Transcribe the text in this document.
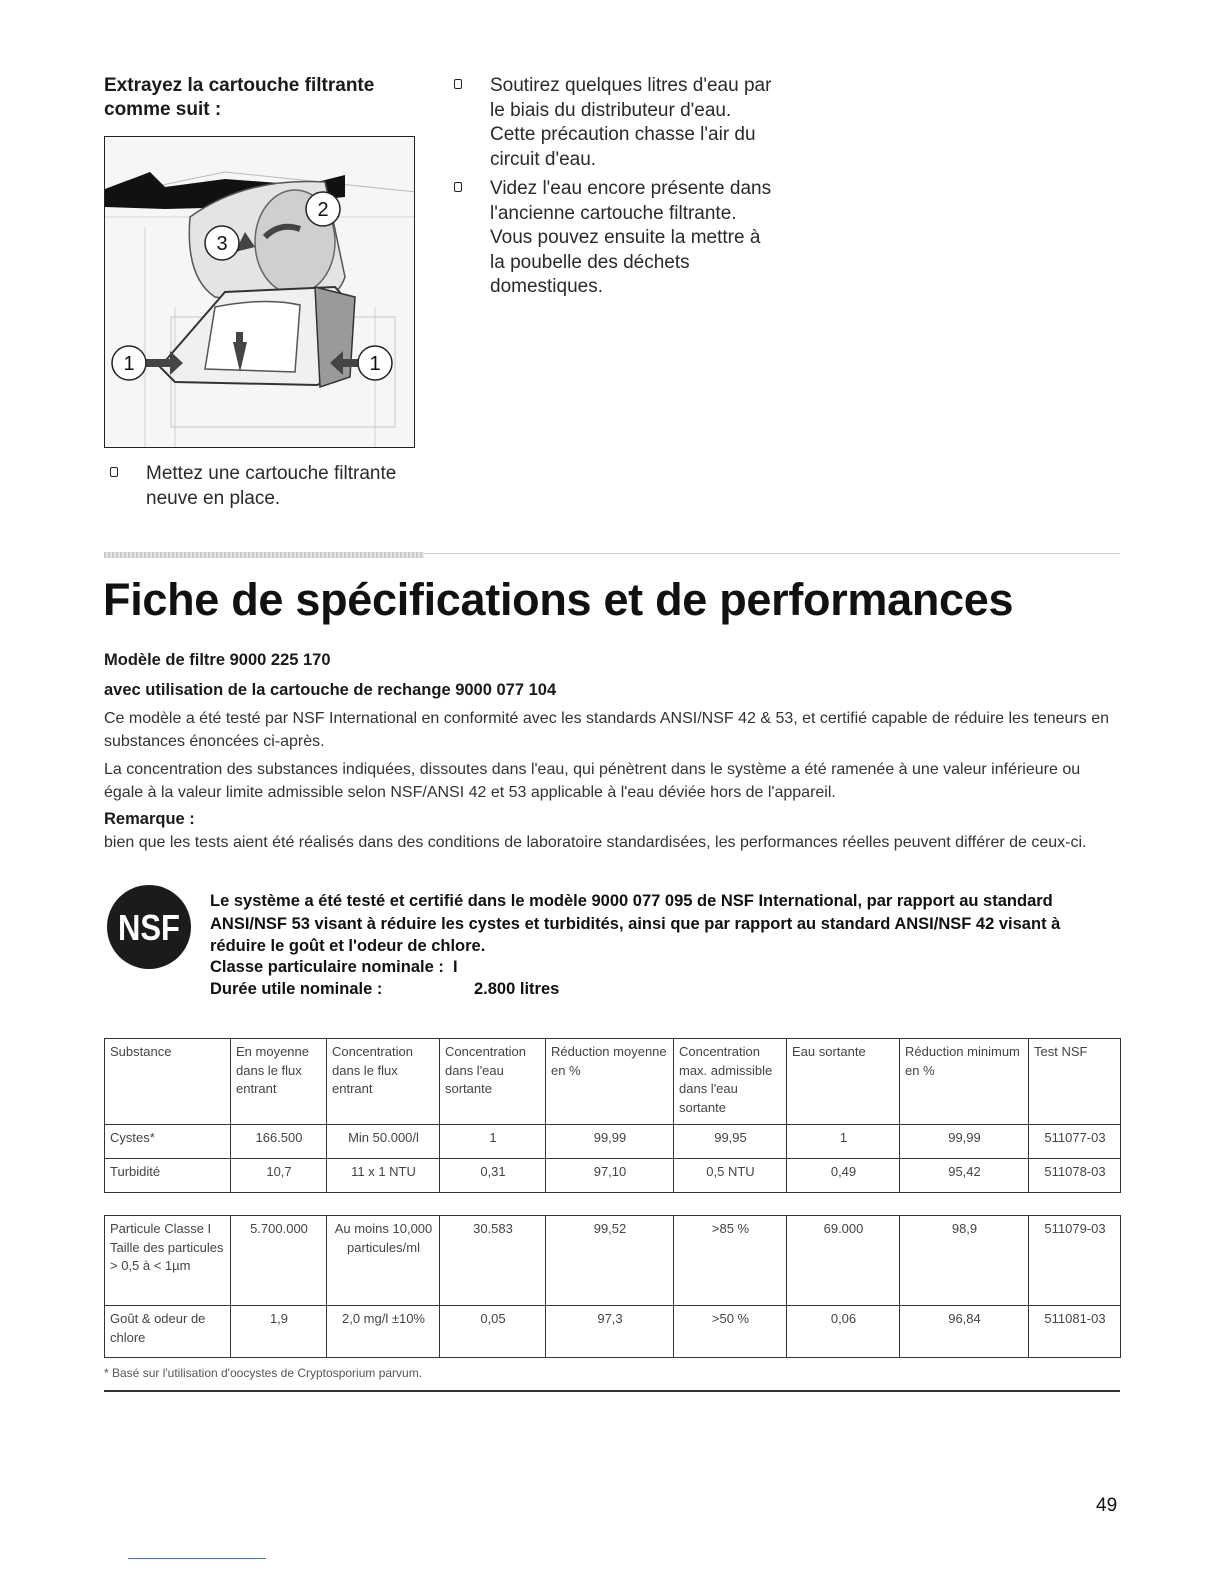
Extrayez la cartouche filtrante comme suit :
2
3
1	1
Mettez une cartouche filtrante neuve en place.
Soutirez quelques litres d'eau par le biais du distributeur d'eau. Cette précaution chasse l'air du circuit d'eau.
Videz l'eau encore présente dans l'ancienne cartouche filtrante. Vous pouvez ensuite la mettre à la poubelle des déchets domestiques.
Fiche de spécifications et de performances
Modèle de filtre 9000 225 170
avec utilisation de la cartouche de rechange 9000 077 104
Ce modèle a été testé par NSF International en conformité avec les standards ANSI/NSF 42 & 53, et certifié capable de réduire les teneurs en substances énoncées ci-après.
La concentration des substances indiquées, dissoutes dans l'eau, qui pénètrent dans le système a été ramenée à une valeur inférieure ou égale à la valeur limite admissible selon NSF/ANSI 42 et 53 applicable à l'eau déviée hors de l'appareil.
Remarque :
bien que les tests aient été réalisés dans des conditions de laboratoire standardisées, les performances réelles peuvent différer de ceux-ci.
NSF
Le système a été testé et certifié dans le modèle 9000 077 095 de NSF International, par rapport au standard ANSI/NSF 53 visant à réduire les cystes et turbidités, ainsi que par rapport au standard ANSI/NSF 42 visant à réduire le goût et l'odeur de chlore.
Classe particulaire nominale :  I
Durée utile nominale :	2.800 litres
Substance	En moyenne dans le flux entrant	Concentration dans le flux entrant	Concentration dans l'eau sortante	Réduction moyenne en %	Concentration max. admissible dans l'eau sortante	Eau sortante	Réduction minimum en %	Test NSF
Cystes*	166.500	Min 50.000/l	1	99,99	99,95	1	99,99	511077-03
Turbidité	10,7	11 x 1 NTU	0,31	97,10	0,5 NTU	0,49	95,42	511078-03
Particule Classe I Taille des particules > 0,5 à < 1µm	5.700.000	Au moins 10,000 particules/ml	30.583	99,52	>85 %	69.000	98,9	511079-03
Goût & odeur de chlore	1,9	2,0 mg/l ±10%	0,05	97,3	>50 %	0,06	96,84	511081-03
* Basé sur l'utilisation d'oocystes de Cryptosporium parvum.
49
